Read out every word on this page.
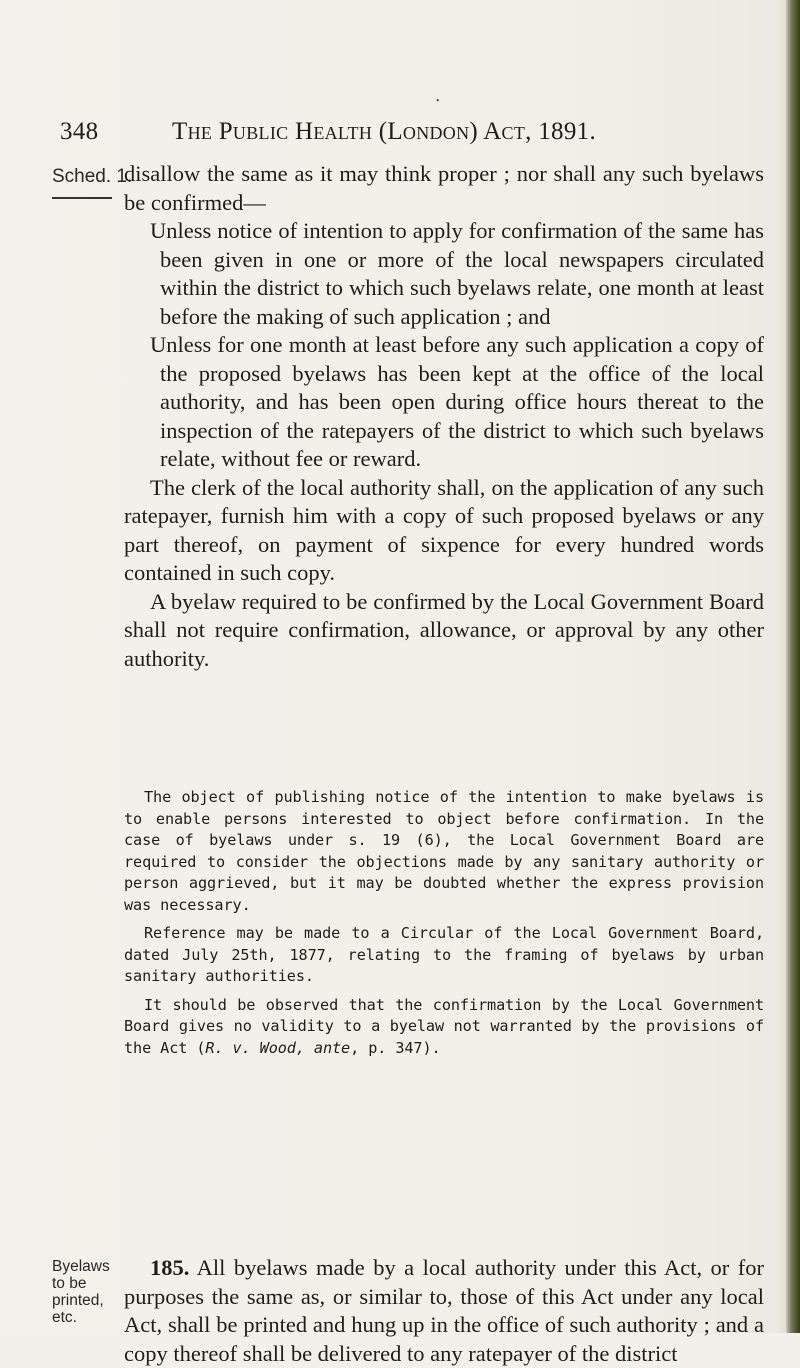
•
348	The Public Health (London) Act, 1891.
Sched. 1.

disallow the same as it may think proper ; nor shall any such byelaws be confirmed—

Unless notice of intention to apply for confirmation of the same has been given in one or more of the local newspapers circulated within the district to which such byelaws relate, one month at least before the making of such application ; and

Unless for one month at least before any such application a copy of the proposed byelaws has been kept at the office of the local authority, and has been open during office hours thereat to the inspection of the ratepayers of the district to which such byelaws relate, without fee or reward.

The clerk of the local authority shall, on the application of any such ratepayer, furnish him with a copy of such proposed byelaws or any part thereof, on payment of sixpence for every hundred words contained in such copy.

A byelaw required to be confirmed by the Local Government Board shall not require confirmation, allowance, or approval by any other authority.

The object of publishing notice of the intention to make byelaws is to enable persons interested to object before confirmation. In the case of byelaws under s. 19 (6), the Local Government Board are required to consider the objections made by any sanitary authority or person aggrieved, but it may be doubted whether the express provision was necessary.

Reference may be made to a Circular of the Local Government Board, dated July 25th, 1877, relating to the framing of byelaws by urban sanitary authorities.

It should be observed that the confirmation by the Local Government Board gives no validity to a byelaw not warranted by the provisions of the Act (R. v. Wood, ante, p. 347).

Byelaws to be printed, etc.

185. All byelaws made by a local authority under this Act, or for purposes the same as, or similar to, those of this Act under any local Act, shall be printed and hung up in the office of such authority ; and a copy thereof shall be delivered to any ratepayer of the district
